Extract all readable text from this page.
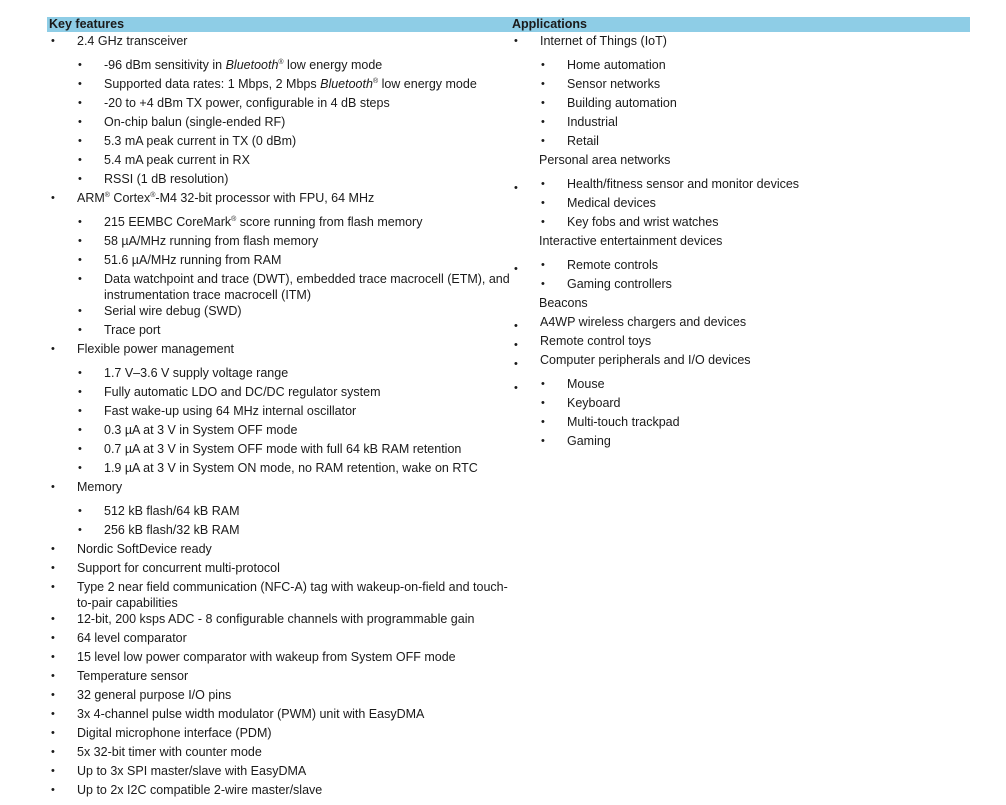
Key features	Applications
•	2.4 GHz transceiver
•	-96 dBm sensitivity in Bluetooth® low energy mode
•	Supported data rates: 1 Mbps, 2 Mbps Bluetooth® low energy mode
•	-20 to +4 dBm TX power, configurable in 4 dB steps
•	On-chip balun (single-ended RF)
•	5.3 mA peak current in TX (0 dBm)
•	5.4 mA peak current in RX
•	RSSI (1 dB resolution)
•	ARM® Cortex®-M4 32-bit processor with FPU, 64 MHz
•	215 EEMBC CoreMark® score running from flash memory
•	58 µA/MHz running from flash memory
•	51.6 µA/MHz running from RAM
•	Data watchpoint and trace (DWT), embedded trace macrocell (ETM), and instrumentation trace macrocell (ITM)
•	Serial wire debug (SWD)
•	Trace port
•	Flexible power management
•	1.7 V–3.6 V supply voltage range
•	Fully automatic LDO and DC/DC regulator system
•	Fast wake-up using 64 MHz internal oscillator
•	0.3 µA at 3 V in System OFF mode
•	0.7 µA at 3 V in System OFF mode with full 64 kB RAM retention
•	1.9 µA at 3 V in System ON mode, no RAM retention, wake on RTC
•	Memory
•	512 kB flash/64 kB RAM
•	256 kB flash/32 kB RAM
•	Nordic SoftDevice ready
•	Support for concurrent multi-protocol
•	Type 2 near field communication (NFC-A) tag with wakeup-on-field and touch-to-pair capabilities
•	12-bit, 200 ksps ADC - 8 configurable channels with programmable gain
•	64 level comparator
•	15 level low power comparator with wakeup from System OFF mode
•	Temperature sensor
•	32 general purpose I/O pins
•	3x 4-channel pulse width modulator (PWM) unit with EasyDMA
•	Digital microphone interface (PDM)
•	5x 32-bit timer with counter mode
•	Up to 3x SPI master/slave with EasyDMA
•	Up to 2x I2C compatible 2-wire master/slave
•	Internet of Things (IoT)
•	Home automation
•	Sensor networks
•	Building automation
•	Industrial
•	Retail
Personal area networks
• •	Health/fitness sensor and monitor devices
•	Medical devices
•	Key fobs and wrist watches
Interactive entertainment devices
• •	Remote controls
•	Gaming controllers
Beacons
•	A4WP wireless chargers and devices
•	Remote control toys
•	Computer peripherals and I/O devices
• •	Mouse
•	Keyboard
•	Multi-touch trackpad
•	Gaming
